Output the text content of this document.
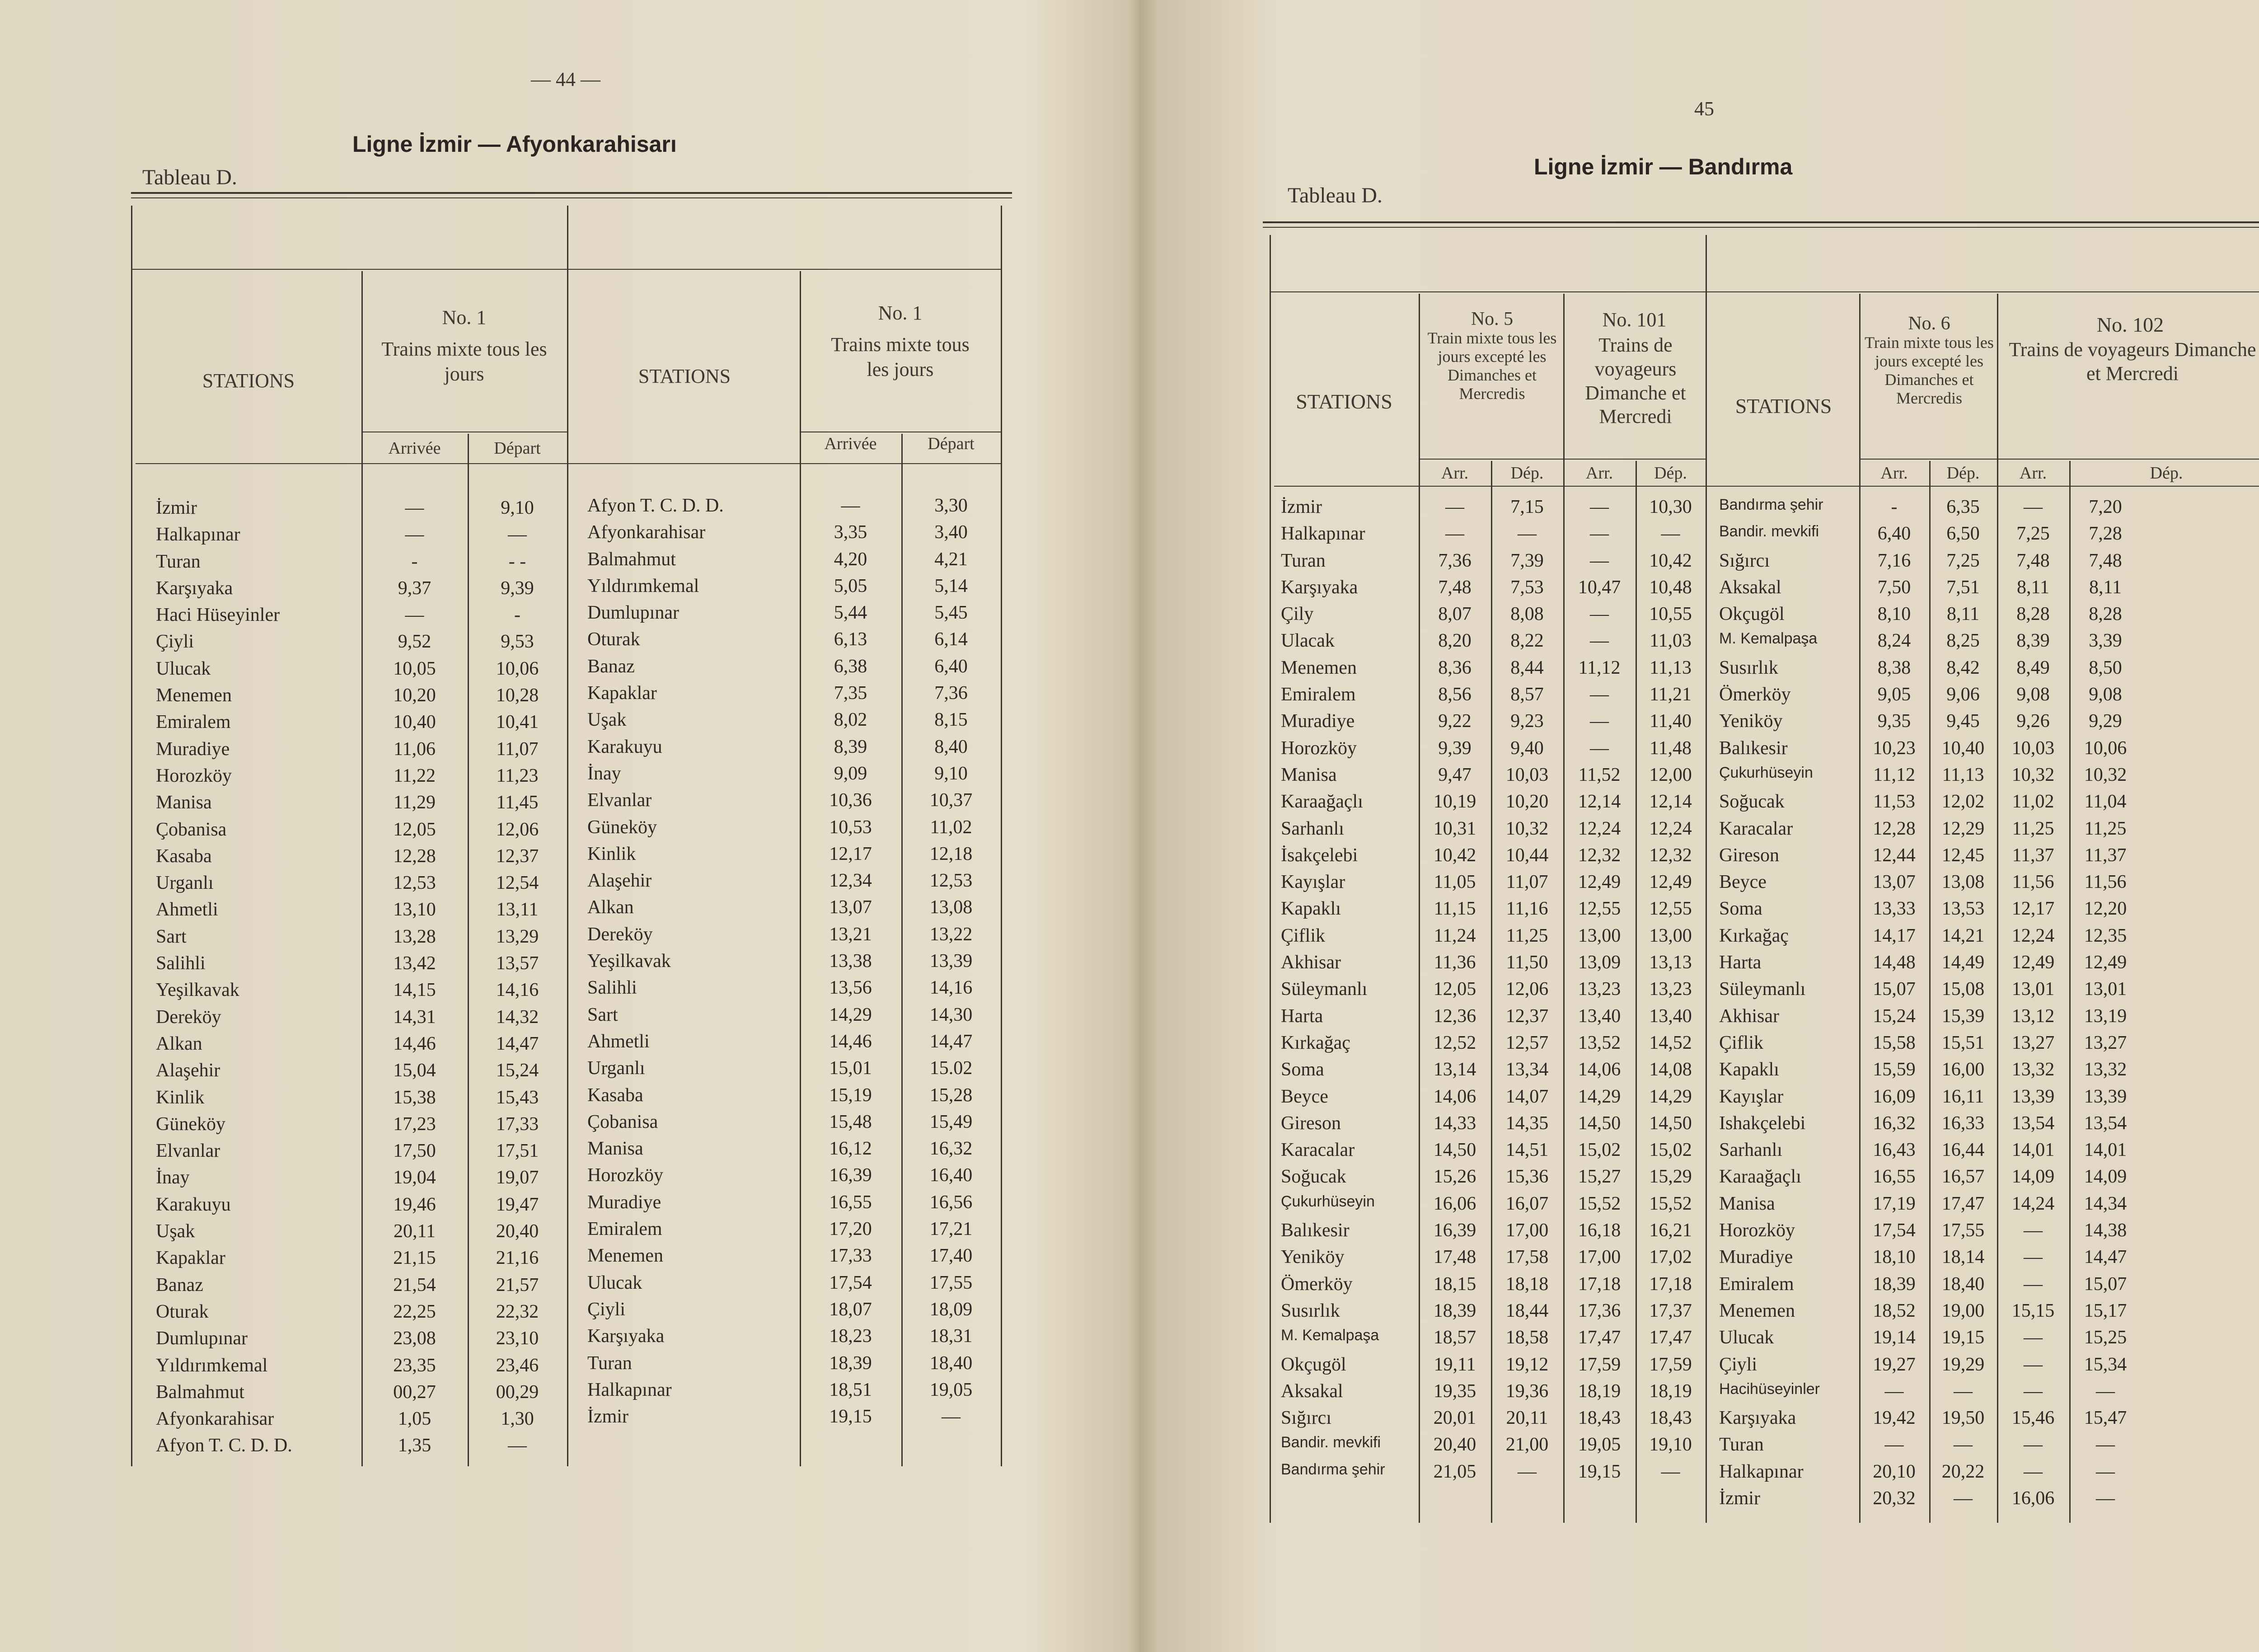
— 44 —
Tableau D.
Ligne İzmir — Afyonkarahisarı
STATIONS
No. 1
Trains mixte tous les jours
Arrivée	Départ
STATIONS
No. 1
Trains mixte tous les jours
Arrivée	Départ
İzmir	—	9,10
Halkapınar	—	—
Turan	-	- -
Karşıyaka	9,37	9,39
Haci Hüseyinler	—	-
Çiyli	9,52	9,53
Ulucak	10,05	10,06
Menemen	10,20	10,28
Emiralem	10,40	10,41
Muradiye	11,06	11,07
Horozköy	11,22	11,23
Manisa	11,29	11,45
Çobanisa	12,05	12,06
Kasaba	12,28	12,37
Urganlı	12,53	12,54
Ahmetli	13,10	13,11
Sart	13,28	13,29
Salihli	13,42	13,57
Yeşilkavak	14,15	14,16
Dereköy	14,31	14,32
Alkan	14,46	14,47
Alaşehir	15,04	15,24
Kinlik	15,38	15,43
Güneköy	17,23	17,33
Elvanlar	17,50	17,51
İnay	19,04	19,07
Karakuyu	19,46	19,47
Uşak	20,11	20,40
Kapaklar	21,15	21,16
Banaz	21,54	21,57
Oturak	22,25	22,32
Dumlupınar	23,08	23,10
Yıldırımkemal	23,35	23,46
Balmahmut	00,27	00,29
Afyonkarahisar	1,05	1,30
Afyon T. C. D. D.	1,35	—
Afyon T. C. D. D.	—	3,30
Afyonkarahisar	3,35	3,40
Balmahmut	4,20	4,21
Yıldırımkemal	5,05	5,14
Dumlupınar	5,44	5,45
Oturak	6,13	6,14
Banaz	6,38	6,40
Kapaklar	7,35	7,36
Uşak	8,02	8,15
Karakuyu	8,39	8,40
İnay	9,09	9,10
Elvanlar	10,36	10,37
Güneköy	10,53	11,02
Kinlik	12,17	12,18
Alaşehir	12,34	12,53
Alkan	13,07	13,08
Dereköy	13,21	13,22
Yeşilkavak	13,38	13,39
Salihli	13,56	14,16
Sart	14,29	14,30
Ahmetli	14,46	14,47
Urganlı	15,01	15.02
Kasaba	15,19	15,28
Çobanisa	15,48	15,49
Manisa	16,12	16,32
Horozköy	16,39	16,40
Muradiye	16,55	16,56
Emiralem	17,20	17,21
Menemen	17,33	17,40
Ulucak	17,54	17,55
Çiyli	18,07	18,09
Karşıyaka	18,23	18,31
Turan	18,39	18,40
Halkapınar	18,51	19,05
İzmir	19,15	—
45
Tableau D.
Ligne İzmir — Bandırma
STATIONS
No. 5
Train mixte tous les jours excepté les Dimanches et Mercredis
No. 101
Trains de voyageurs Dimanche et Mercredi	STATIONS
No. 6
Train mixte tous les jours excepté les Dimanches et Mercredis
No. 102
Trains de voyageurs Dimanche et Mercredi
Arr.	Dép.	Arr.	Dép.	Arr.	Dép.	Arr.	Dép.
İzmir	—	7,15	—	10,30
Halkapınar	—	—	—	—
Turan	7,36	7,39	—	10,42
Karşıyaka	7,48	7,53	10,47	10,48
Çily	8,07	8,08	—	10,55
Ulacak	8,20	8,22	—	11,03
Menemen	8,36	8,44	11,12	11,13
Emiralem	8,56	8,57	—	11,21
Muradiye	9,22	9,23	—	11,40
Horozköy	9,39	9,40	—	11,48
Manisa	9,47	10,03	11,52	12,00
Karaağaçlı	10,19	10,20	12,14	12,14
Sarhanlı	10,31	10,32	12,24	12,24
İsakçelebi	10,42	10,44	12,32	12,32
Kayışlar	11,05	11,07	12,49	12,49
Kapaklı	11,15	11,16	12,55	12,55
Çiflik	11,24	11,25	13,00	13,00
Akhisar	11,36	11,50	13,09	13,13
Süleymanlı	12,05	12,06	13,23	13,23
Harta	12,36	12,37	13,40	13,40
Kırkağaç	12,52	12,57	13,52	14,52
Soma	13,14	13,34	14,06	14,08
Beyce	14,06	14,07	14,29	14,29
Gireson	14,33	14,35	14,50	14,50
Karacalar	14,50	14,51	15,02	15,02
Soğucak	15,26	15,36	15,27	15,29
Çukurhüseyin	16,06	16,07	15,52	15,52
Balıkesir	16,39	17,00	16,18	16,21
Yeniköy	17,48	17,58	17,00	17,02
Ömerköy	18,15	18,18	17,18	17,18
Susırlık	18,39	18,44	17,36	17,37
M. Kemalpaşa	18,57	18,58	17,47	17,47
Okçugöl	19,11	19,12	17,59	17,59
Aksakal	19,35	19,36	18,19	18,19
Sığırcı	20,01	20,11	18,43	18,43
Bandir. mevkifi	20,40	21,00	19,05	19,10
Bandırma şehir	21,05	—	19,15	—
Bandırma şehir	-	6,35	—	7,20
Bandir. mevkifi	6,40	6,50	7,25	7,28
Sığırcı	7,16	7,25	7,48	7,48
Aksakal	7,50	7,51	8,11	8,11
Okçugöl	8,10	8,11	8,28	8,28
M. Kemalpaşa	8,24	8,25	8,39	3,39
Susırlık	8,38	8,42	8,49	8,50
Ömerköy	9,05	9,06	9,08	9,08
Yeniköy	9,35	9,45	9,26	9,29
Balıkesir	10,23	10,40	10,03	10,06
Çukurhüseyin	11,12	11,13	10,32	10,32
Soğucak	11,53	12,02	11,02	11,04
Karacalar	12,28	12,29	11,25	11,25
Gireson	12,44	12,45	11,37	11,37
Beyce	13,07	13,08	11,56	11,56
Soma	13,33	13,53	12,17	12,20
Kırkağaç	14,17	14,21	12,24	12,35
Harta	14,48	14,49	12,49	12,49
Süleymanlı	15,07	15,08	13,01	13,01
Akhisar	15,24	15,39	13,12	13,19
Çiflik	15,58	15,51	13,27	13,27
Kapaklı	15,59	16,00	13,32	13,32
Kayışlar	16,09	16,11	13,39	13,39
Ishakçelebi	16,32	16,33	13,54	13,54
Sarhanlı	16,43	16,44	14,01	14,01
Karaağaçlı	16,55	16,57	14,09	14,09
Manisa	17,19	17,47	14,24	14,34
Horozköy	17,54	17,55	—	14,38
Muradiye	18,10	18,14	—	14,47
Emiralem	18,39	18,40	—	15,07
Menemen	18,52	19,00	15,15	15,17
Ulucak	19,14	19,15	—	15,25
Çiyli	19,27	19,29	—	15,34
Hacihüseyinler	—	—	—	—
Karşıyaka	19,42	19,50	15,46	15,47
Turan	—	—	—	—
Halkapınar	20,10	20,22	—	—
İzmir	20,32	—	16,06	—
